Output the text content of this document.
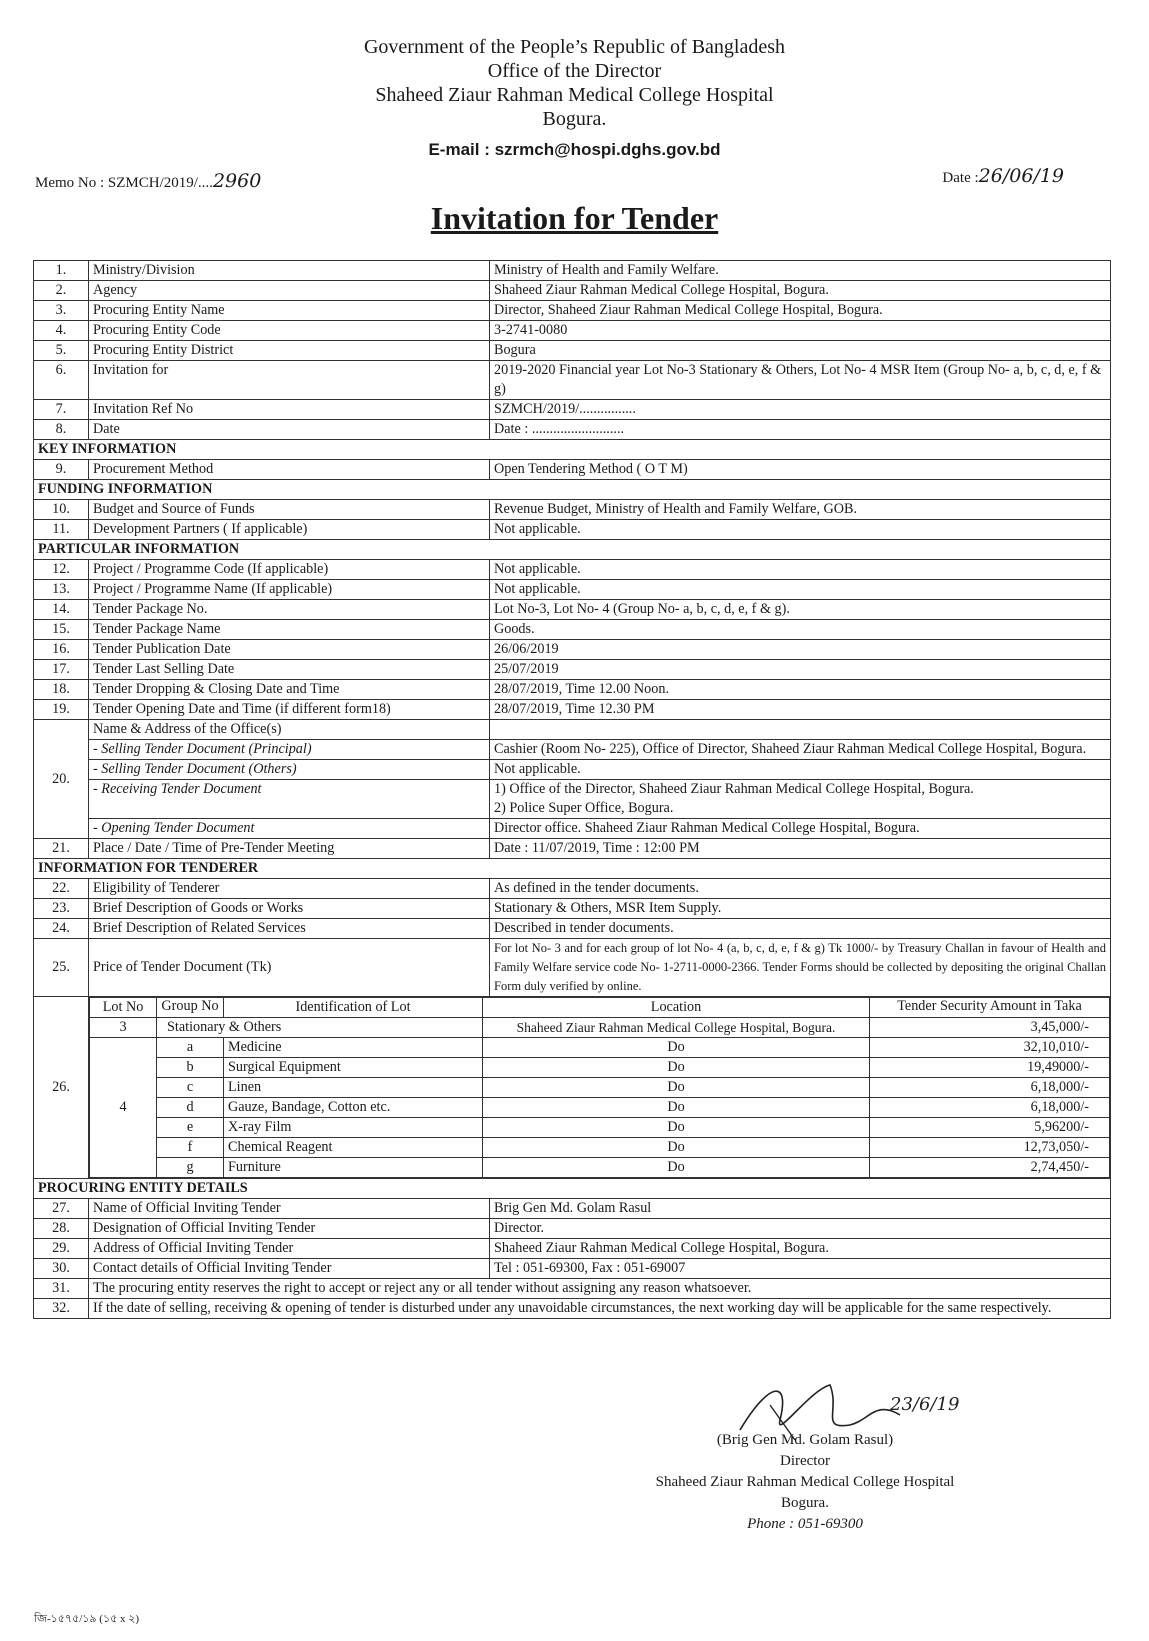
Government of the People’s Republic of Bangladesh
Office of the Director
Shaheed Ziaur Rahman Medical College Hospital
Bogura.
E-mail : szrmch@hospi.dghs.gov.bd
Memo No : SZMCH/2019/....2960	Date :26/06/19
Invitation for Tender
1.	Ministry/Division	Ministry of Health and Family Welfare.
2.	Agency	Shaheed Ziaur Rahman Medical College Hospital, Bogura.
3.	Procuring Entity Name	Director, Shaheed Ziaur Rahman Medical College Hospital, Bogura.
4.	Procuring Entity Code	3-2741-0080
5.	Procuring Entity District	Bogura
6.	Invitation for	2019-2020 Financial year Lot No-3 Stationary & Others, Lot No- 4 MSR Item (Group No- a, b, c, d, e, f & g)
7.	Invitation Ref No	SZMCH/2019/................
8.	Date	Date : ..........................
KEY INFORMATION
9.	Procurement Method	Open Tendering Method ( O T M)
FUNDING INFORMATION
10.	Budget and Source of Funds	Revenue Budget, Ministry of Health and Family Welfare, GOB.
11.	Development Partners ( If applicable)	Not applicable.
PARTICULAR INFORMATION
12.	Project / Programme Code (If applicable)	Not applicable.
13.	Project / Programme Name (If applicable)	Not applicable.
14.	Tender Package No.	Lot No-3, Lot No- 4 (Group No- a, b, c, d, e, f & g).
15.	Tender Package Name	Goods.
16.	Tender Publication Date	26/06/2019
17.	Tender Last Selling Date	25/07/2019
18.	Tender Dropping & Closing Date and Time	28/07/2019, Time 12.00 Noon.
19.	Tender Opening Date and Time (if different form18)	28/07/2019, Time 12.30 PM
20.	Name & Address of the Office(s)	
- Selling Tender Document (Principal)	Cashier (Room No- 225), Office of Director, Shaheed Ziaur Rahman Medical College Hospital, Bogura.
- Selling Tender Document (Others)	Not applicable.
- Receiving Tender Document	1) Office of the Director, Shaheed Ziaur Rahman Medical College Hospital, Bogura.
2) Police Super Office, Bogura.

- Opening Tender Document	Director office. Shaheed Ziaur Rahman Medical College Hospital, Bogura.
21.	Place / Date / Time of Pre-Tender Meeting	Date : 11/07/2019, Time : 12:00 PM
INFORMATION FOR TENDERER
22.	Eligibility of Tenderer	As defined in the tender documents.
23.	Brief Description of Goods or Works	Stationary & Others, MSR Item Supply.
24.	Brief Description of Related Services	Described in tender documents.
25.	Price of Tender Document (Tk)	For lot No- 3 and for each group of lot No- 4 (a, b, c, d, e, f & g) Tk 1000/- by Treasury Challan in favour of Health and Family Welfare service code No- 1-2711-0000-2366. Tender Forms should be collected by depositing the original Challan Form duly verified by online.
26.	
Lot No	Group No	Identification of Lot	Location	Tender Security Amount in Taka
3	Stationary & Others	Shaheed Ziaur Rahman Medical College Hospital, Bogura.	3,45,000/-
4	a	Medicine	Do	32,10,010/-
b	Surgical Equipment	Do	19,49000/-
c	Linen	Do	6,18,000/-
d	Gauze, Bandage, Cotton etc.	Do	6,18,000/-
e	X-ray Film	Do	5,96200/-
f	Chemical Reagent	Do	12,73,050/-
g	Furniture	Do	2,74,450/-

PROCURING ENTITY DETAILS
27.	Name of Official Inviting Tender	Brig Gen Md. Golam Rasul
28.	Designation of Official Inviting Tender	Director.
29.	Address of Official Inviting Tender	Shaheed Ziaur Rahman Medical College Hospital, Bogura.
30.	Contact details of Official Inviting Tender	Tel : 051-69300, Fax : 051-69007
31.	The procuring entity reserves the right to accept or reject any or all tender without assigning any reason whatsoever.
32.	If the date of selling, receiving & opening of tender is disturbed under any unavoidable circumstances, the next working day will be applicable for the same respectively.
23/6/19
(Brig Gen Md. Golam Rasul)
Director
Shaheed Ziaur Rahman Medical College Hospital
Bogura.
Phone : 051-69300
জি-১৫৭৫/১৯ (১৫ x ২)
